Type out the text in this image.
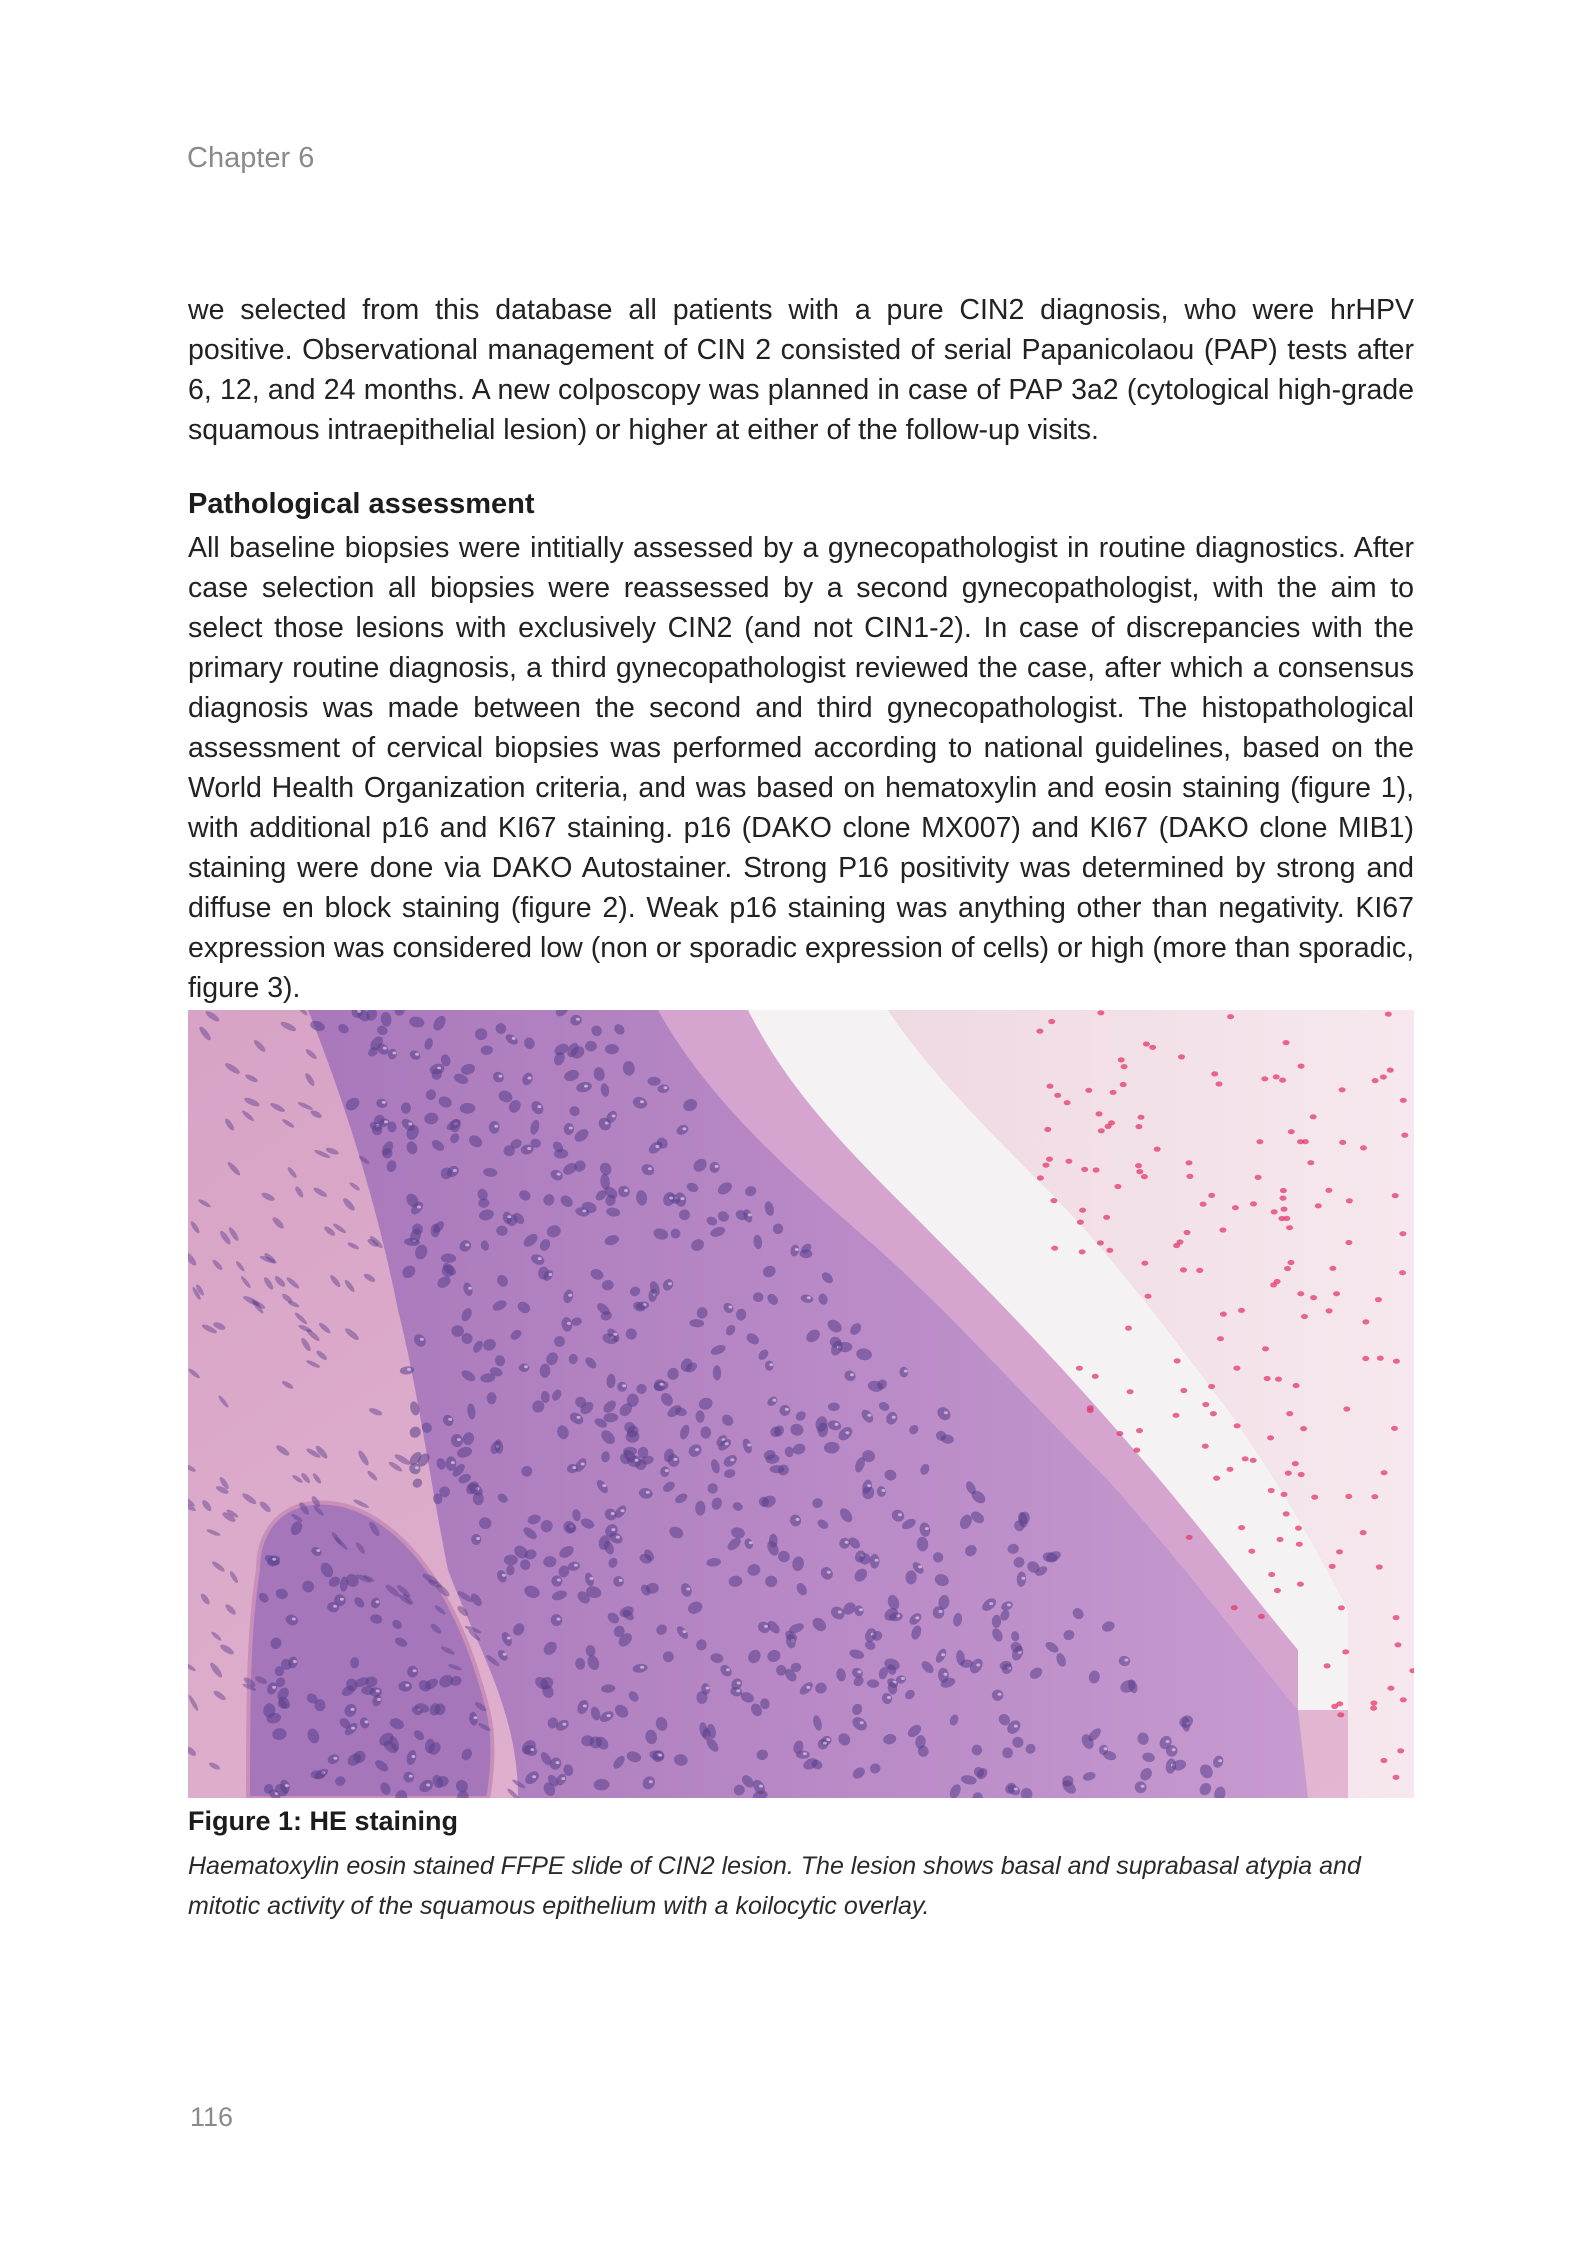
Chapter 6
we selected from this database all patients with a pure CIN2 diagnosis, who were hrHPV positive. Observational management of CIN 2 consisted of serial Papanicolaou (PAP) tests after 6, 12, and 24 months. A new colposcopy was planned in case of PAP 3a2 (cytological high-grade squamous intraepithelial lesion) or higher at either of the follow-up visits.
Pathological assessment
All baseline biopsies were intitially assessed by a gynecopathologist in routine diagnostics. After case selection all biopsies were reassessed by a second gynecopathologist, with the aim to select those lesions with exclusively CIN2 (and not CIN1-2). In case of discrepancies with the primary routine diagnosis, a third gynecopathologist reviewed the case, after which a consensus diagnosis was made between the second and third gynecopathologist. The histopathological assessment of cervical biopsies was performed according to national guidelines, based on the World Health Organization criteria, and was based on hematoxylin and eosin staining (figure 1), with additional p16 and KI67 staining. p16 (DAKO clone MX007) and KI67 (DAKO clone MIB1) staining were done via DAKO Autostainer. Strong P16 positivity was determined by strong and diffuse en block staining (figure 2). Weak p16 staining was anything other than negativity. KI67 expression was considered low (non or sporadic expression of cells) or high (more than sporadic, figure 3).
Figure 1: HE staining
Haematoxylin eosin stained FFPE slide of CIN2 lesion. The lesion shows basal and suprabasal atypia and mitotic activity of the squamous epithelium with a koilocytic overlay.
116
